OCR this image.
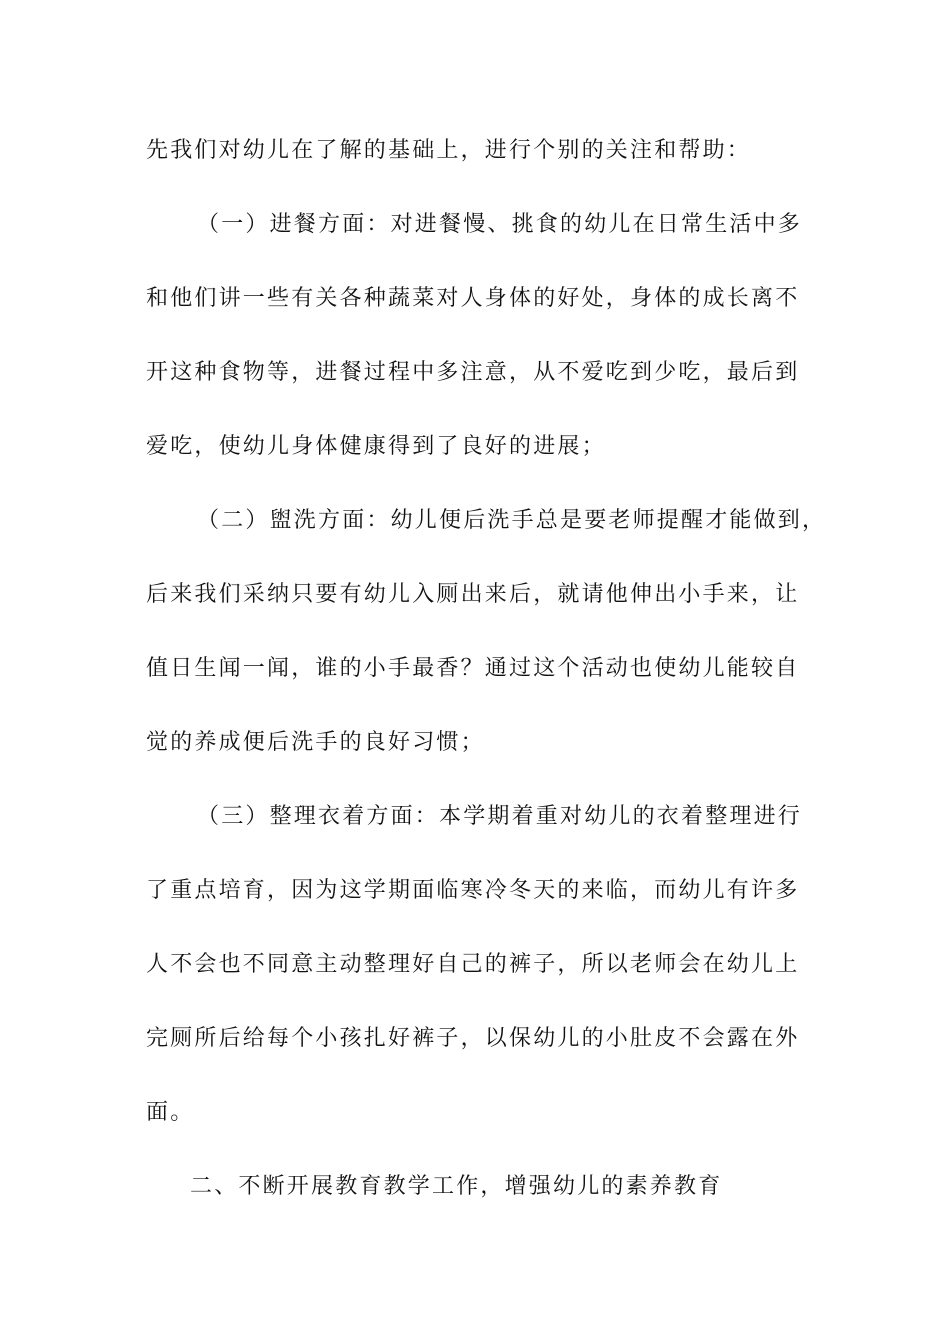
先我们对幼儿在了解的基础上，进行个别的关注和帮助：
（一）进餐方面：对进餐慢、挑食的幼儿在日常生活中多
和他们讲一些有关各种蔬菜对人身体的好处，身体的成长离不
开这种食物等，进餐过程中多注意，从不爱吃到少吃，最后到
爱吃，使幼儿身体健康得到了良好的进展；
（二）盥洗方面：幼儿便后洗手总是要老师提醒才能做到，
后来我们采纳只要有幼儿入厕出来后，就请他伸出小手来，让
值日生闻一闻，谁的小手最香？通过这个活动也使幼儿能较自
觉的养成便后洗手的良好习惯；
（三）整理衣着方面：本学期着重对幼儿的衣着整理进行
了重点培育，因为这学期面临寒冷冬天的来临，而幼儿有许多
人不会也不同意主动整理好自己的裤子，所以老师会在幼儿上
完厕所后给每个小孩扎好裤子，以保幼儿的小肚皮不会露在外
面。
二、不断开展教育教学工作，增强幼儿的素养教育
